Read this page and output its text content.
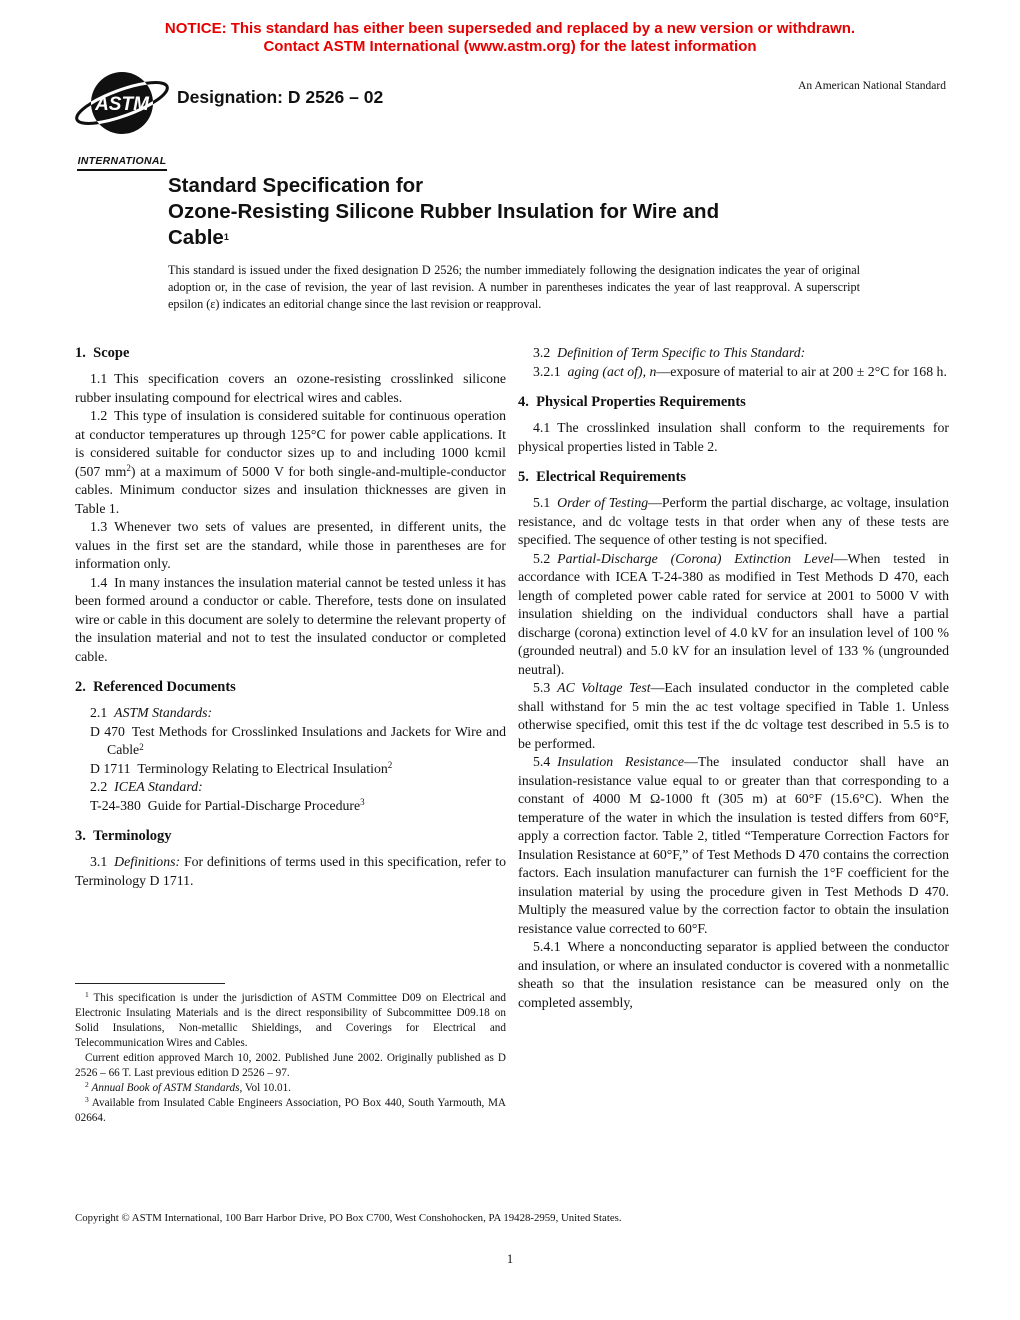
NOTICE: This standard has either been superseded and replaced by a new version or withdrawn.
Contact ASTM International (www.astm.org) for the latest information
ASTM
INTERNATIONAL
Designation: D 2526 – 02
An American National Standard
Standard Specification for
Ozone-Resisting Silicone Rubber Insulation for Wire and
Cable$^1$
This standard is issued under the fixed designation D 2526; the number immediately following the designation indicates the year of original adoption or, in the case of revision, the year of last revision. A number in parentheses indicates the year of last reapproval. A superscript epsilon (ε) indicates an editorial change since the last revision or reapproval.
1. Scope

1.1 This specification covers an ozone-resisting crosslinked silicone rubber insulating compound for electrical wires and cables.

1.2 This type of insulation is considered suitable for continuous operation at conductor temperatures up through 125°C for power cable applications. It is considered suitable for conductor sizes up to and including 1000 kcmil (507 $mm^2$) at a maximum of 5000 V for both single-and-multiple-conductor cables. Minimum conductor sizes and insulation thicknesses are given in Table 1.

1.3 Whenever two sets of values are presented, in different units, the values in the first set are the standard, while those in parentheses are for information only.

1.4 In many instances the insulation material cannot be tested unless it has been formed around a conductor or cable. Therefore, tests done on insulated wire or cable in this document are solely to determine the relevant property of the insulation material and not to test the insulated conductor or completed cable.

2. Referenced Documents

2.1 ASTM Standards:

D 470 Test Methods for Crosslinked Insulations and Jackets for Wire and Cable$^2$

D 1711 Terminology Relating to Electrical Insulation$^2$

2.2 ICEA Standard:

T-24-380 Guide for Partial-Discharge Procedure$^3$

3. Terminology

3.1 Definitions: For definitions of terms used in this specification, refer to Terminology D 1711.

3.2 Definition of Term Specific to This Standard:

3.2.1 aging (act of), n—exposure of material to air at 200 ± 2°C for 168 h.

4. Physical Properties Requirements

4.1 The crosslinked insulation shall conform to the requirements for physical properties listed in Table 2.

5. Electrical Requirements

5.1 Order of Testing—Perform the partial discharge, ac voltage, insulation resistance, and dc voltage tests in that order when any of these tests are specified. The sequence of other testing is not specified.

5.2 Partial-Discharge (Corona) Extinction Level—When tested in accordance with ICEA T-24-380 as modified in Test Methods D 470, each length of completed power cable rated for service at 2001 to 5000 V with insulation shielding on the individual conductors shall have a partial discharge (corona) extinction level of 4.0 kV for an insulation level of 100 % (grounded neutral) and 5.0 kV for an insulation level of 133 % (ungrounded neutral).

5.3 AC Voltage Test—Each insulated conductor in the completed cable shall withstand for 5 min the ac test voltage specified in Table 1. Unless otherwise specified, omit this test if the dc voltage test described in 5.5 is to be performed.

5.4 Insulation Resistance—The insulated conductor shall have an insulation-resistance value equal to or greater than that corresponding to a constant of 4000 M Ω-1000 ft (305 m) at 60°F (15.6°C). When the temperature of the water in which the insulation is tested differs from 60°F, apply a correction factor. Table 2, titled “Temperature Correction Factors for Insulation Resistance at 60°F,” of Test Methods D 470 contains the correction factors. Each insulation manufacturer can furnish the 1°F coefficient for the insulation material by using the procedure given in Test Methods D 470. Multiply the measured value by the correction factor to obtain the insulation resistance value corrected to 60°F.

5.4.1 Where a nonconducting separator is applied between the conductor and insulation, or where an insulated conductor is covered with a nonmetallic sheath so that the insulation resistance can be measured only on the completed assembly,

$^1$ This specification is under the jurisdiction of ASTM Committee D09 on Electrical and Electronic Insulating Materials and is the direct responsibility of Subcommittee D09.18 on Solid Insulations, Non-metallic Shieldings, and Coverings for Electrical and Telecommunication Wires and Cables.

Current edition approved March 10, 2002. Published June 2002. Originally published as D 2526 – 66 T. Last previous edition D 2526 – 97.

$^2$ Annual Book of ASTM Standards, Vol 10.01.

$^3$ Available from Insulated Cable Engineers Association, PO Box 440, South Yarmouth, MA 02664.

Copyright © ASTM International, 100 Barr Harbor Drive, PO Box C700, West Conshohocken, PA 19428-2959, United States.
1
